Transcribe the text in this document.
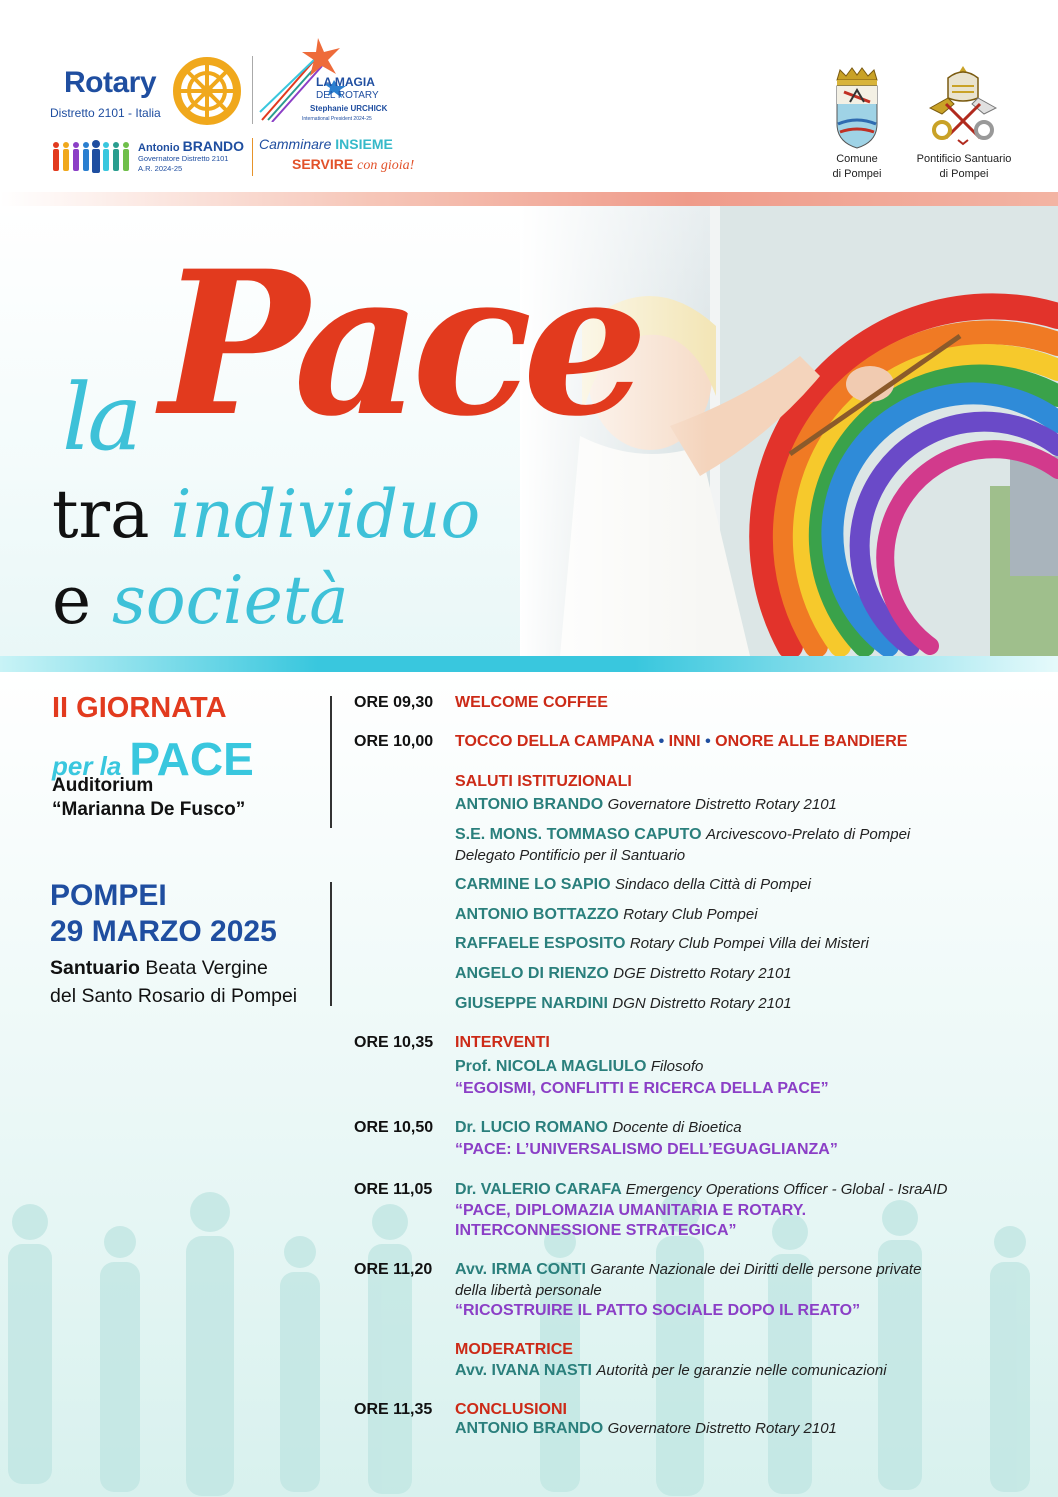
Rotary
Distretto 2101 - Italia
LA MAGIA
DEL ROTARY
Stephanie URCHICK
International President 2024-25
Antonio BRANDO
Governatore Distretto 2101
A.R. 2024-25
Camminare INSIEME
SERVIRE con gioia!	Comune
di Pompei
Pontificio Santuario
di Pompei
la Pace
tra individuo
e società
II GIORNATA
per la PACE
Auditorium
“Marianna De Fusco”
POMPEI
29 MARZO 2025
Santuario Beata Vergine
del Santo Rosario di Pompei
ORE 09,30 WELCOME COFFEE
ORE 10,00 TOCCO DELLA CAMPANA • INNI • ONORE ALLE BANDIERE
SALUTI ISTITUZIONALI
ANTONIO BRANDO Governatore Distretto Rotary 2101
S.E. MONS. TOMMASO CAPUTO Arcivescovo-Prelato di Pompei
Delegato Pontificio per il Santuario
CARMINE LO SAPIO Sindaco della Città di Pompei
ANTONIO BOTTAZZO Rotary Club Pompei
RAFFAELE ESPOSITO Rotary Club Pompei Villa dei Misteri
ANGELO DI RIENZO DGE Distretto Rotary 2101
GIUSEPPE NARDINI DGN Distretto Rotary 2101
ORE 10,35 INTERVENTI
Prof. NICOLA MAGLIULO Filosofo
“EGOISMI, CONFLITTI E RICERCA DELLA PACE”
ORE 10,50 Dr. LUCIO ROMANO Docente di Bioetica
“PACE: L’UNIVERSALISMO DELL’EGUAGLIANZA”
ORE 11,05 Dr. VALERIO CARAFA Emergency Operations Officer - Global - IsraAID
“PACE, DIPLOMAZIA UMANITARIA E ROTARY.
INTERCONNESSIONE STRATEGICA”
ORE 11,20 Avv. IRMA CONTI Garante Nazionale dei Diritti delle persone private
della libertà personale
“RICOSTRUIRE IL PATTO SOCIALE DOPO IL REATO”
MODERATRICE
Avv. IVANA NASTI Autorità per le garanzie nelle comunicazioni
ORE 11,35 CONCLUSIONI
ANTONIO BRANDO Governatore Distretto Rotary 2101
